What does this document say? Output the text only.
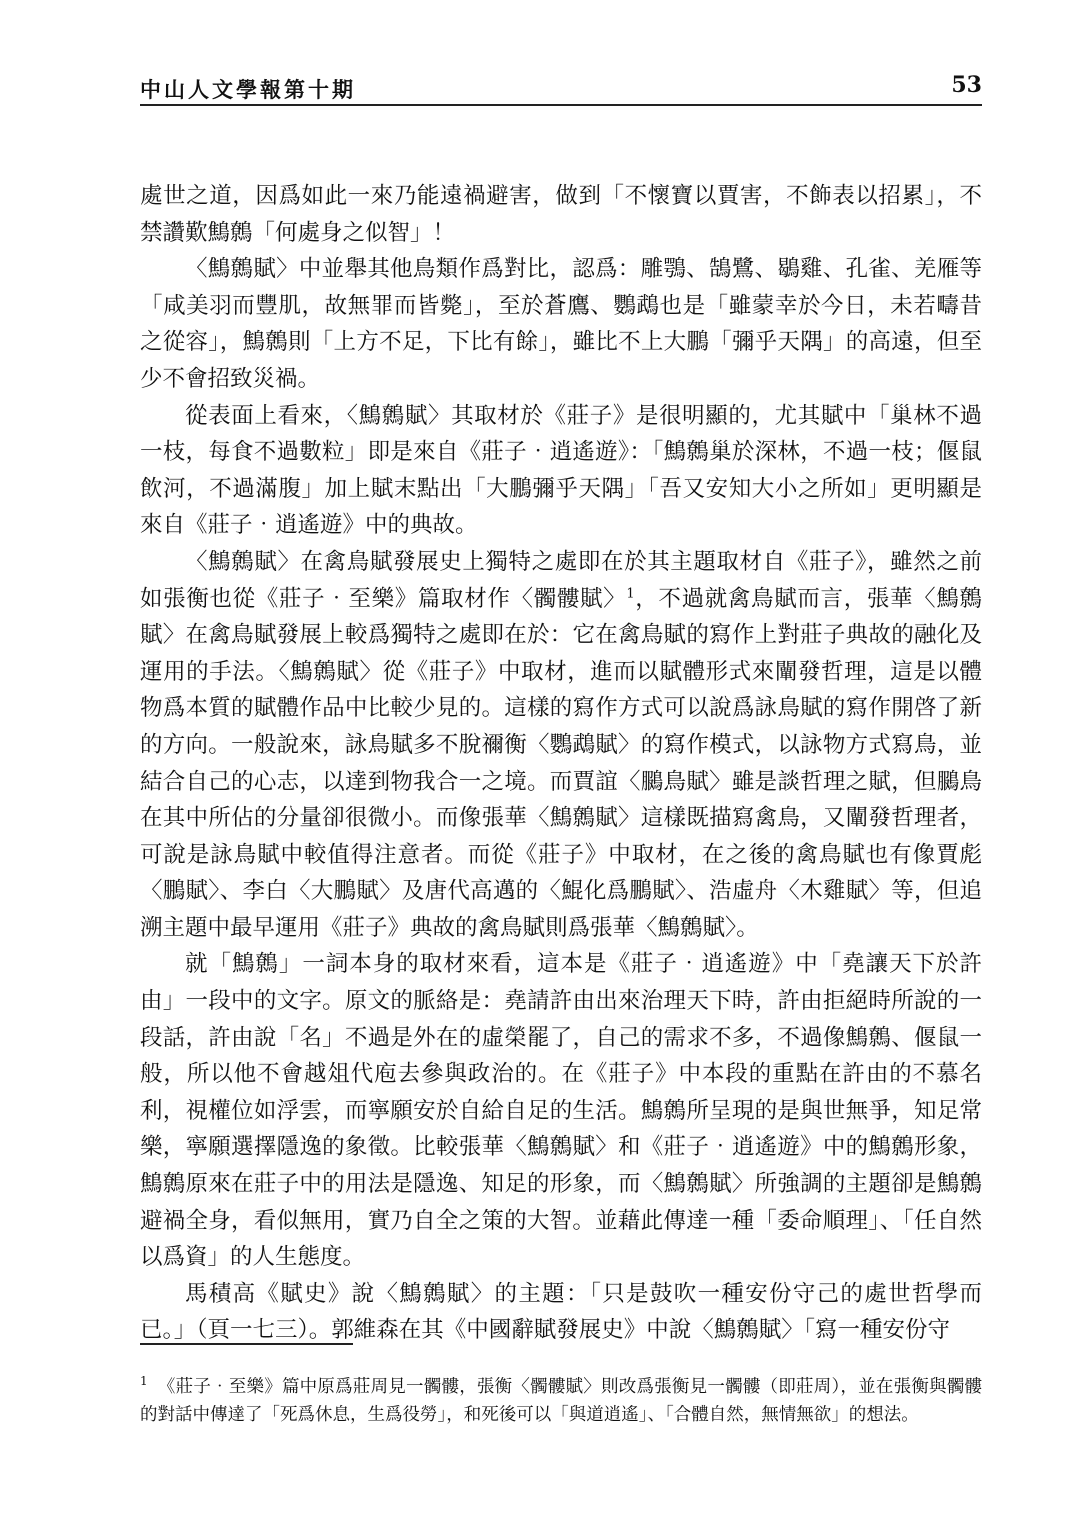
中山人文學報第十期	53

處世之道，因爲如此一來乃能遠禍避害，做到「不懷寶以賈害，不飾表以招累」，不禁讚歎鷦鷯「何處身之似智」！

〈鷦鷯賦〉中並舉其他鳥類作爲對比，認爲：雕鶚、鵠鷺、鶡雞、孔雀、羌雁等「咸美羽而豐肌，故無罪而皆斃」，至於蒼鷹、鸚鵡也是「雖蒙幸於今日，未若疇昔之從容」，鷦鷯則「上方不足，下比有餘」，雖比不上大鵬「彌乎天隅」的高遠，但至少不會招致災禍。

從表面上看來，〈鷦鷯賦〉其取材於《莊子》是很明顯的，尤其賦中「巢林不過一枝，每食不過數粒」即是來自《莊子‧逍遙遊》：「鷦鷯巢於深林，不過一枝；偃鼠飲河，不過滿腹」加上賦末點出「大鵬彌乎天隅」「吾又安知大小之所如」更明顯是來自《莊子‧逍遙遊》中的典故。

〈鷦鷯賦〉在禽鳥賦發展史上獨特之處即在於其主題取材自《莊子》，雖然之前如張衡也從《莊子‧至樂》篇取材作〈髑髏賦〉$^1$，不過就禽鳥賦而言，張華〈鷦鷯賦〉在禽鳥賦發展上較爲獨特之處即在於：它在禽鳥賦的寫作上對莊子典故的融化及運用的手法。〈鷦鷯賦〉從《莊子》中取材，進而以賦體形式來闡發哲理，這是以體物爲本質的賦體作品中比較少見的。這樣的寫作方式可以說爲詠鳥賦的寫作開啓了新的方向。一般說來，詠鳥賦多不脫禰衡〈鸚鵡賦〉的寫作模式，以詠物方式寫鳥，並結合自己的心志，以達到物我合一之境。而賈誼〈鵩鳥賦〉雖是談哲理之賦，但鵩鳥在其中所佔的分量卻很微小。而像張華〈鷦鷯賦〉這樣既描寫禽鳥，又闡發哲理者，可說是詠鳥賦中較值得注意者。而從《莊子》中取材，在之後的禽鳥賦也有像賈彪〈鵬賦〉、李白〈大鵬賦〉及唐代高邁的〈鯤化爲鵬賦〉、浩虛舟〈木雞賦〉等，但追溯主題中最早運用《莊子》典故的禽鳥賦則爲張華〈鷦鷯賦〉。

就「鷦鷯」一詞本身的取材來看，這本是《莊子‧逍遙遊》中「堯讓天下於許由」一段中的文字。原文的脈絡是：堯請許由出來治理天下時，許由拒絕時所說的一段話，許由說「名」不過是外在的虛榮罷了，自己的需求不多，不過像鷦鷯、偃鼠一般，所以他不會越俎代庖去參與政治的。在《莊子》中本段的重點在許由的不慕名利，視權位如浮雲，而寧願安於自給自足的生活。鷦鷯所呈現的是與世無爭，知足常樂，寧願選擇隱逸的象徵。比較張華〈鷦鷯賦〉和《莊子‧逍遙遊》中的鷦鷯形象，鷦鷯原來在莊子中的用法是隱逸、知足的形象，而〈鷦鷯賦〉所強調的主題卻是鷦鷯避禍全身，看似無用，實乃自全之策的大智。並藉此傳達一種「委命順理」、「任自然以爲資」的人生態度。

馬積高《賦史》說〈鷦鷯賦〉的主題：「只是鼓吹一種安份守己的處世哲學而已。」（頁一七三）。郭維森在其《中國辭賦發展史》中說〈鷦鷯賦〉「寫一種安份守

$^1$ 《莊子‧至樂》篇中原爲莊周見一髑髏，張衡〈髑髏賦〉則改爲張衡見一髑髏（即莊周），並在張衡與髑髏的對話中傳達了「死爲休息，生爲役勞」，和死後可以「與道逍遙」、「合體自然，無情無欲」的想法。
